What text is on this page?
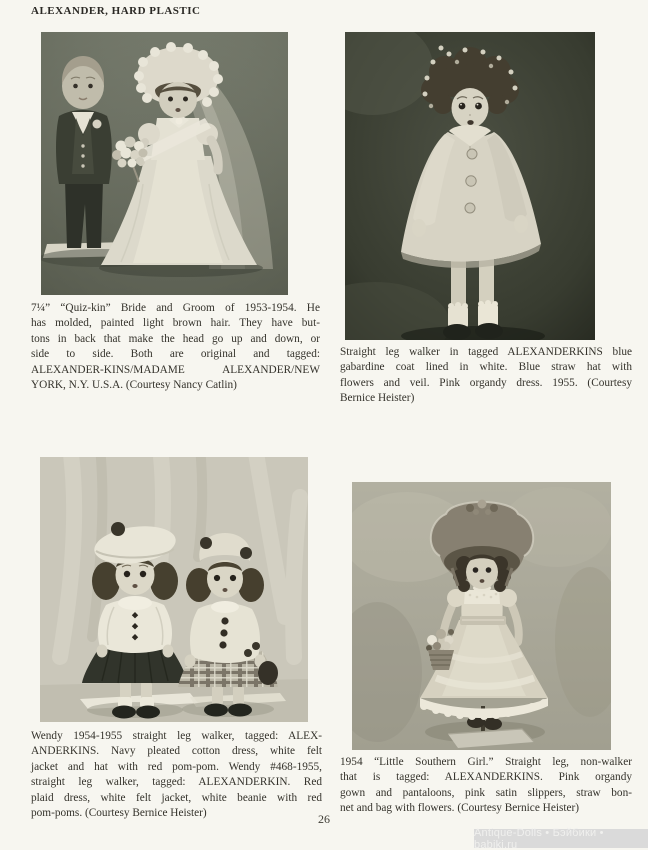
ALEXANDER, HARD PLASTIC
7¼” “Quiz-kin” Bride and Groom of 1953-1954. He
has molded, painted light brown hair. They have but-
tons in back that make the head go up and down, or
side to side. Both are original and tagged:
ALEXANDER-KINS/MADAME ALEXANDER/NEW
YORK, N.Y. U.S.A. (Courtesy Nancy Catlin)
Straight leg walker in tagged ALEXANDERKINS blue
gabardine coat lined in white. Blue straw hat with
flowers and veil. Pink organdy dress. 1955. (Courtesy
Bernice Heister)
Wendy 1954-1955 straight leg walker, tagged: ALEX-
ANDERKINS. Navy pleated cotton dress, white felt
jacket and hat with red pom-pom. Wendy #468-1955,
straight leg walker, tagged: ALEXANDERKIN. Red
plaid dress, white felt jacket, white beanie with red
pom-poms. (Courtesy Bernice Heister)
1954 “Little Southern Girl.” Straight leg, non-walker
that is tagged: ALEXANDERKINS. Pink organdy
gown and pantaloons, pink satin slippers, straw bon-
net and bag with flowers. (Courtesy Bernice Heister)
26
Antique-Dolls • Бэйбики • babiki.ru
